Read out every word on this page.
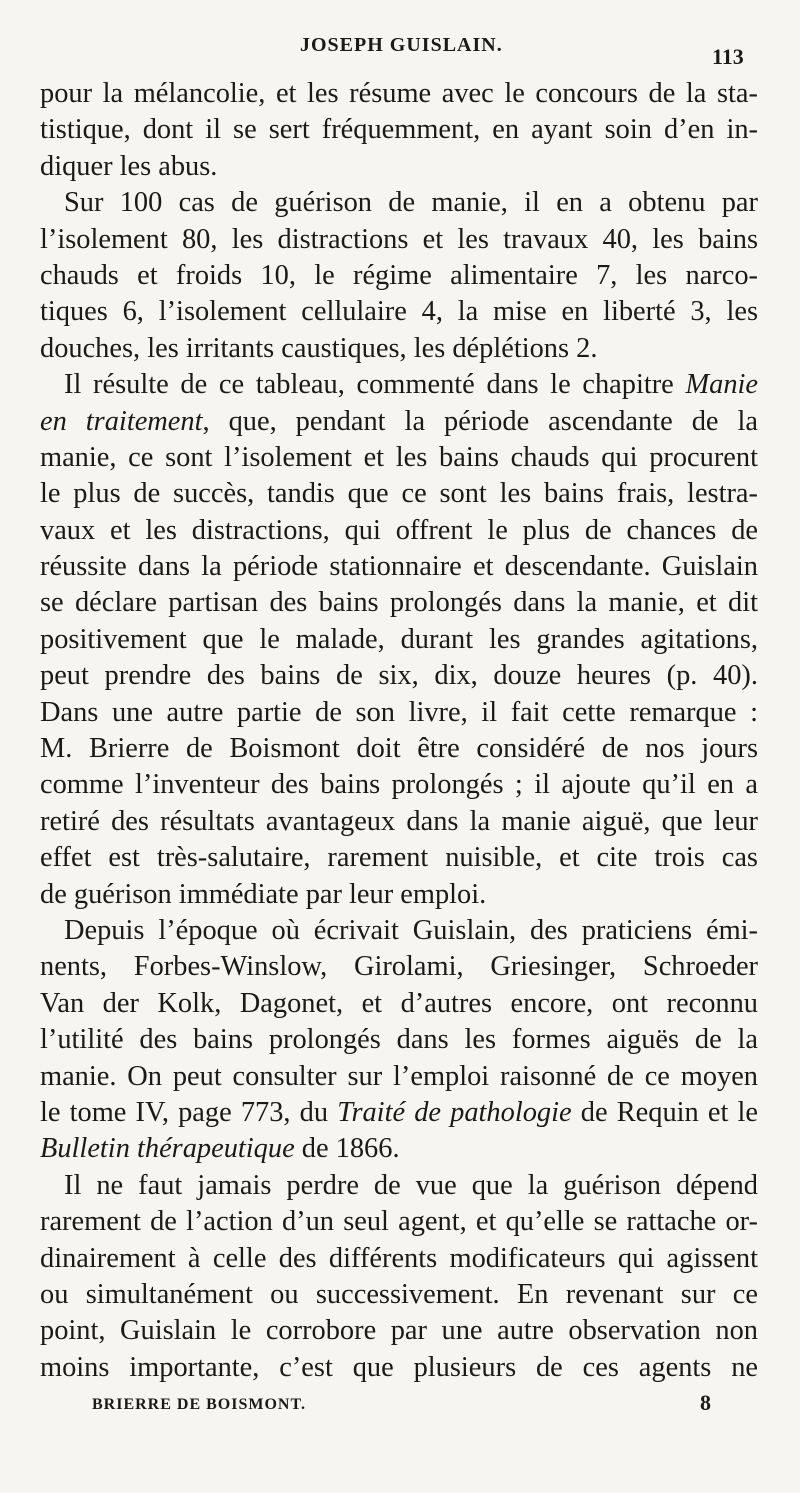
JOSEPH GUISLAIN.	113
pour la mélancolie, et les résume avec le concours de la sta-
tistique, dont il se sert fréquemment, en ayant soin d’en in-
diquer les abus.
Sur 100 cas de guérison de manie, il en a obtenu par
l’isolement 80, les distractions et les travaux 40, les bains
chauds et froids 10, le régime alimentaire 7, les narco-
tiques 6, l’isolement cellulaire 4, la mise en liberté 3, les
douches, les irritants caustiques, les déplétions 2.
Il résulte de ce tableau, commenté dans le chapitre Manie
en traitement, que, pendant la période ascendante de la
manie, ce sont l’isolement et les bains chauds qui procurent
le plus de succès, tandis que ce sont les bains frais, lestra-
vaux et les distractions, qui offrent le plus de chances de
réussite dans la période stationnaire et descendante. Guislain
se déclare partisan des bains prolongés dans la manie, et dit
positivement que le malade, durant les grandes agitations,
peut prendre des bains de six, dix, douze heures (p. 40).
Dans une autre partie de son livre, il fait cette remarque :
M. Brierre de Boismont doit être considéré de nos jours
comme l’inventeur des bains prolongés ; il ajoute qu’il en a
retiré des résultats avantageux dans la manie aiguë, que leur
effet est très-salutaire, rarement nuisible, et cite trois cas
de guérison immédiate par leur emploi.
Depuis l’époque où écrivait Guislain, des praticiens émi-
nents, Forbes-Winslow, Girolami, Griesinger, Schroeder
Van der Kolk, Dagonet, et d’autres encore, ont reconnu
l’utilité des bains prolongés dans les formes aiguës de la
manie. On peut consulter sur l’emploi raisonné de ce moyen
le tome IV, page 773, du Traité de pathologie de Requin et le
Bulletin thérapeutique de 1866.
Il ne faut jamais perdre de vue que la guérison dépend
rarement de l’action d’un seul agent, et qu’elle se rattache or-
dinairement à celle des différents modificateurs qui agissent
ou simultanément ou successivement. En revenant sur ce
point, Guislain le corrobore par une autre observation non
moins importante, c’est que plusieurs de ces agents ne
BRIERRE DE BOISMONT.	8
